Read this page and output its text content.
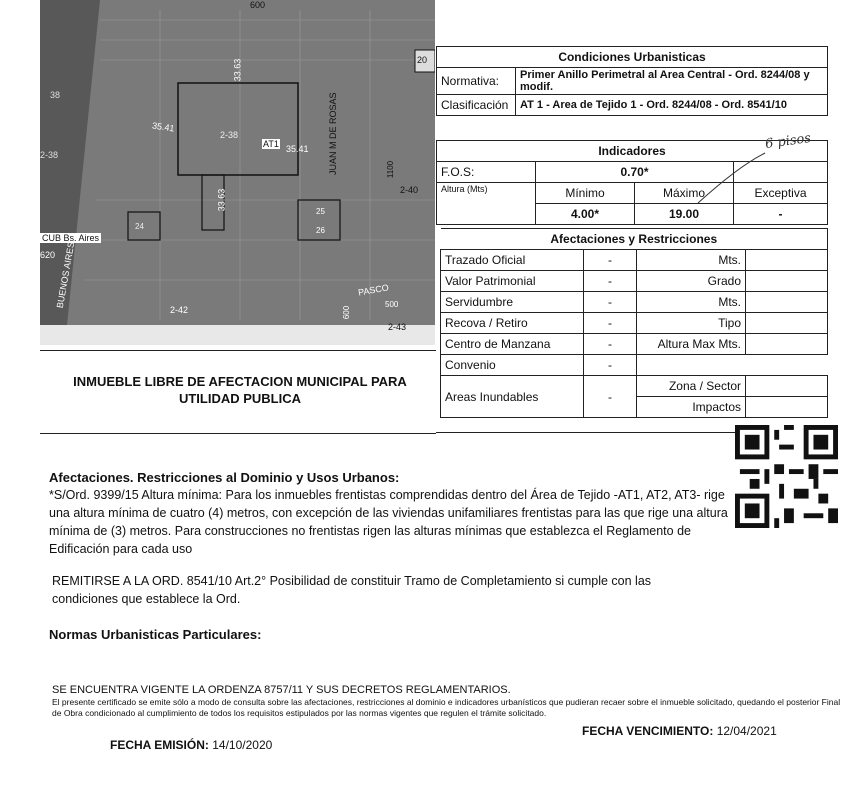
600
20
38
2-38
35.41
2-38
AT1 35.41
33.63
33.63
JUAN M DE ROSAS	1100
2-40
24
25
26
CUB Bs. Aires
620 BUENOS AIRES
2-42
PASCO
500
600
2-43
Condiciones Urbanisticas	
Normativa:	Primer Anillo Perimetral al Area Central - Ord. 8244/08 y modif.
Clasificación	AT 1 - Area de Tejido 1 - Ord. 8244/08 - Ord. 8541/10
Indicadores			
F.O.S:	0.70*		
Altura (Mts)	Mínimo	Máximo	Exceptiva
	4.00*	19.00	-
6 pisos
Afectaciones y Restricciones			
Trazado Oficial	-	Mts.	
Valor Patrimonial	-	Grado	
Servidumbre	-	Mts.	
Recova / Retiro	-	Tipo	
Centro de Manzana	-	Altura Max Mts.	
Convenio	-		
Areas Inundables	-	Zona / Sector	
		Impactos	
INMUEBLE LIBRE DE AFECTACION MUNICIPAL PARA UTILIDAD PUBLICA
Afectaciones. Restricciones al Dominio y Usos Urbanos:
*S/Ord. 9399/15 Altura mínima: Para los inmuebles frentistas comprendidas dentro del Área de Tejido -AT1, AT2, AT3- rige una altura mínima de cuatro (4) metros, con excepción de las viviendas unifamiliares frentistas para las que rige una altura mínima de (3) metros. Para construcciones no frentistas rigen las alturas mínimas que establezca el Reglamento de Edificación para cada uso
REMITIRSE A LA ORD. 8541/10 Art.2° Posibilidad de constituir Tramo de Completamiento si cumple con las condiciones que establece la Ord.
Normas Urbanisticas Particulares:
SE ENCUENTRA VIGENTE LA ORDENZA 8757/11 Y SUS DECRETOS REGLAMENTARIOS.
El presente certificado se emite sólo a modo de consulta sobre las afectaciones, restricciones al dominio e indicadores urbanísticos que pudieran recaer sobre el inmueble solicitado, quedando el posterior Final de Obra condicionado al cumplimiento de todos los requisitos estipulados por las normas vigentes que regulen el trámite solicitado.
FECHA EMISIÓN: 14/10/2020
FECHA VENCIMIENTO: 12/04/2021
